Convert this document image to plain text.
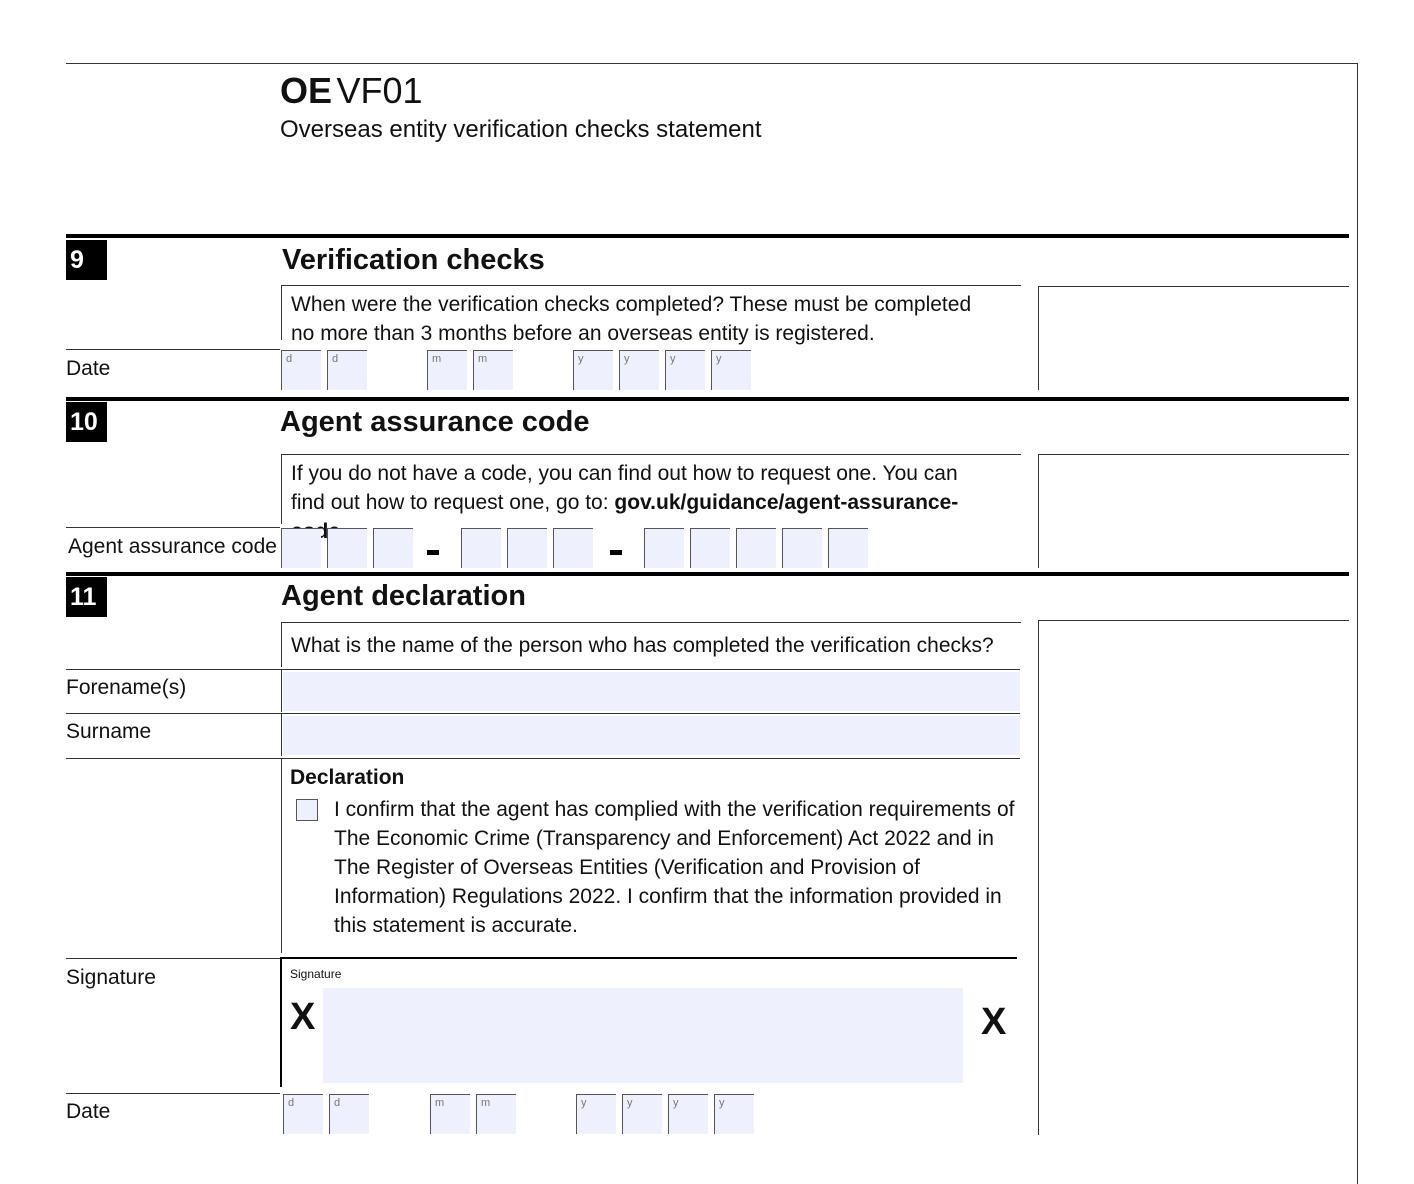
OE VF01
Overseas entity verification checks statement
9	Verification checks
When were the verification checks completed? These must be completed no more than 3 months before an overseas entity is registered.
Date	d	d	m	m	y	y	y	y
10	Agent assurance code
If you do not have a code, you can find out how to request one. You can find out how to request one, go to: gov.uk/guidance/agent-assurance- ode
Agent assurance code
11	Agent declaration
What is the name of the person who has completed the verification checks?
Forename(s)
Surname
Declaration
I confirm that the agent has complied with the verification requirements of The Economic Crime (Transparency and Enforcement) Act 2022 and in The Register of Overseas Entities (Verification and Provision of Information) Regulations 2022. I confirm that the information provided in this statement is accurate.
Signature	Signature
X	X
Date	d	d	m	m	y	y	y	y
